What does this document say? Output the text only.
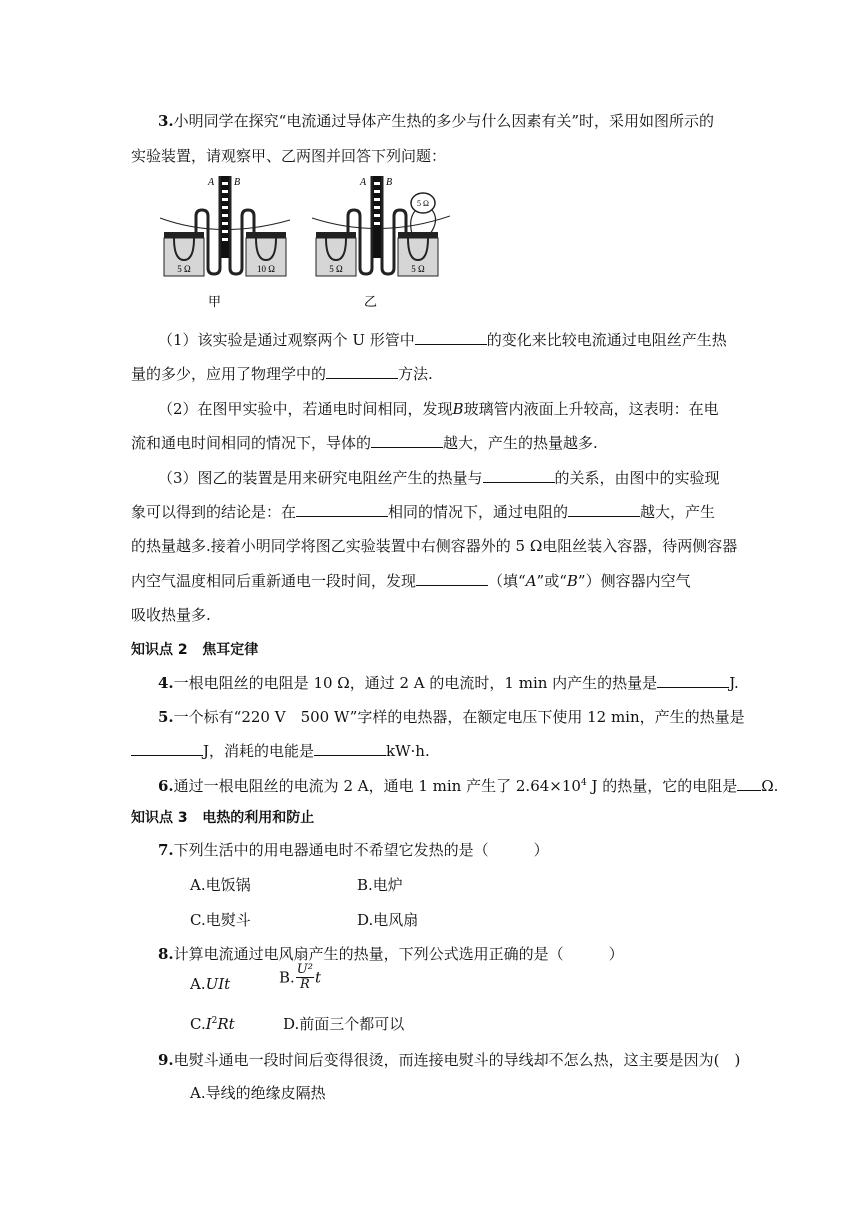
3.小明同学在探究“电流通过导体产生热的多少与什么因素有关”时，采用如图所示的
实验装置，请观察甲、乙两图并回答下列问题：
5 Ω	10 Ω
A B
5 Ω	5 Ω
A B
5 Ω
甲	乙
（1）该实验是通过观察两个 U 形管中	的变化来比较电流通过电阻丝产生热
量的多少，应用了物理学中的	方法.
（2）在图甲实验中，若通电时间相同，发现B玻璃管内液面上升较高，这表明：在电
流和通电时间相同的情况下，导体的	越大，产生的热量越多.
（3）图乙的装置是用来研究电阻丝产生的热量与	的关系，由图中的实验现
象可以得到的结论是：在	相同的情况下，通过电阻的	越大，产生
的热量越多.接着小明同学将图乙实验装置中右侧容器外的 5 Ω电阻丝装入容器，待两侧容器
内空气温度相同后重新通电一段时间，发现	（填“A”或“B”）侧容器内空气
吸收热量多.
知识点 2 焦耳定律
4.一根电阻丝的电阻是 10 Ω，通过 2 A 的电流时，1 min 内产生的热量是	J.
5.一个标有“220 V　500 W”字样的电热器，在额定电压下使用 12 min，产生的热量是
J，消耗的电能是	kW·h.
6.通过一根电阻丝的电流为 2 A，通电 1 min 产生了 $2.64\times 10^4$ J 的热量，它的电阻是 Ω.
知识点 3 电热的利用和防止
7.下列生活中的用电器通电时不希望它发热的是（　　　）
A.电饭锅	B.电炉
C.电熨斗	D.电风扇
8.计算电流通过电风扇产生的热量，下列公式选用正确的是（　　　）
A.UIt	B. $\frac{\text{U²}}{R}$ t
$C.I^2Rt$	D.前面三个都可以
9.电熨斗通电一段时间后变得很烫，而连接电熨斗的导线却不怎么热，这主要是因为(　)
A.导线的绝缘皮隔热
